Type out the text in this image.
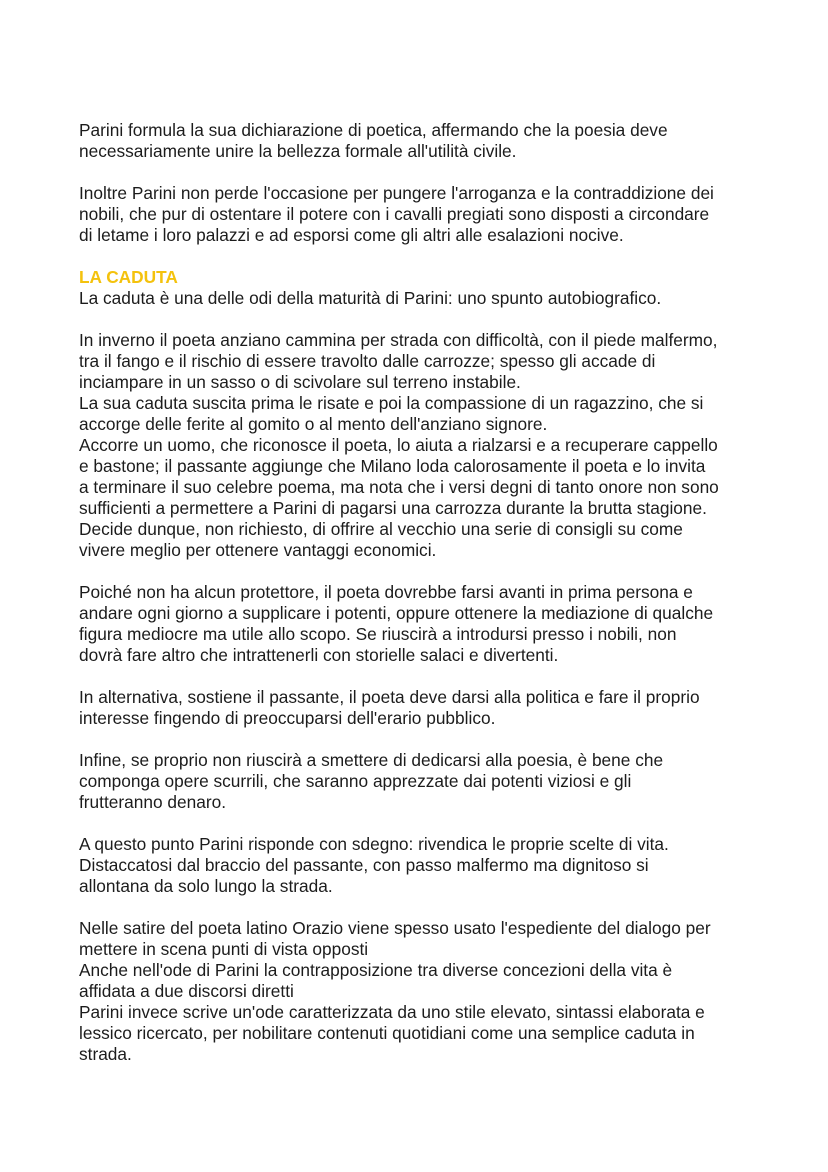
Parini formula la sua dichiarazione di poetica, affermando che la poesia deve
necessariamente unire la bellezza formale all'utilità civile.

Inoltre Parini non perde l'occasione per pungere l'arroganza e la contraddizione dei
nobili, che pur di ostentare il potere con i cavalli pregiati sono disposti a circondare
di letame i loro palazzi e ad esporsi come gli altri alle esalazioni nocive.

LA CADUTA

La caduta è una delle odi della maturità di Parini: uno spunto autobiografico.

In inverno il poeta anziano cammina per strada con difficoltà, con il piede malfermo,
tra il fango e il rischio di essere travolto dalle carrozze; spesso gli accade di
inciampare in un sasso o di scivolare sul terreno instabile.
La sua caduta suscita prima le risate e poi la compassione di un ragazzino, che si
accorge delle ferite al gomito o al mento dell'anziano signore.
Accorre un uomo, che riconosce il poeta, lo aiuta a rialzarsi e a recuperare cappello
e bastone; il passante aggiunge che Milano loda calorosamente il poeta e lo invita
a terminare il suo celebre poema, ma nota che i versi degni di tanto onore non sono
sufficienti a permettere a Parini di pagarsi una carrozza durante la brutta stagione.
Decide dunque, non richiesto, di offrire al vecchio una serie di consigli su come
vivere meglio per ottenere vantaggi economici.

Poiché non ha alcun protettore, il poeta dovrebbe farsi avanti in prima persona e
andare ogni giorno a supplicare i potenti, oppure ottenere la mediazione di qualche
figura mediocre ma utile allo scopo. Se riuscirà a introdursi presso i nobili, non
dovrà fare altro che intrattenerli con storielle salaci e divertenti.

In alternativa, sostiene il passante, il poeta deve darsi alla politica e fare il proprio
interesse fingendo di preoccuparsi dell'erario pubblico.

Infine, se proprio non riuscirà a smettere di dedicarsi alla poesia, è bene che
componga opere scurrili, che saranno apprezzate dai potenti viziosi e gli
frutteranno denaro.

A questo punto Parini risponde con sdegno: rivendica le proprie scelte di vita.
Distaccatosi dal braccio del passante, con passo malfermo ma dignitoso si
allontana da solo lungo la strada.

Nelle satire del poeta latino Orazio viene spesso usato l'espediente del dialogo per
mettere in scena punti di vista opposti
Anche nell'ode di Parini la contrapposizione tra diverse concezioni della vita è
affidata a due discorsi diretti
Parini invece scrive un'ode caratterizzata da uno stile elevato, sintassi elaborata e
lessico ricercato, per nobilitare contenuti quotidiani come una semplice caduta in
strada.
